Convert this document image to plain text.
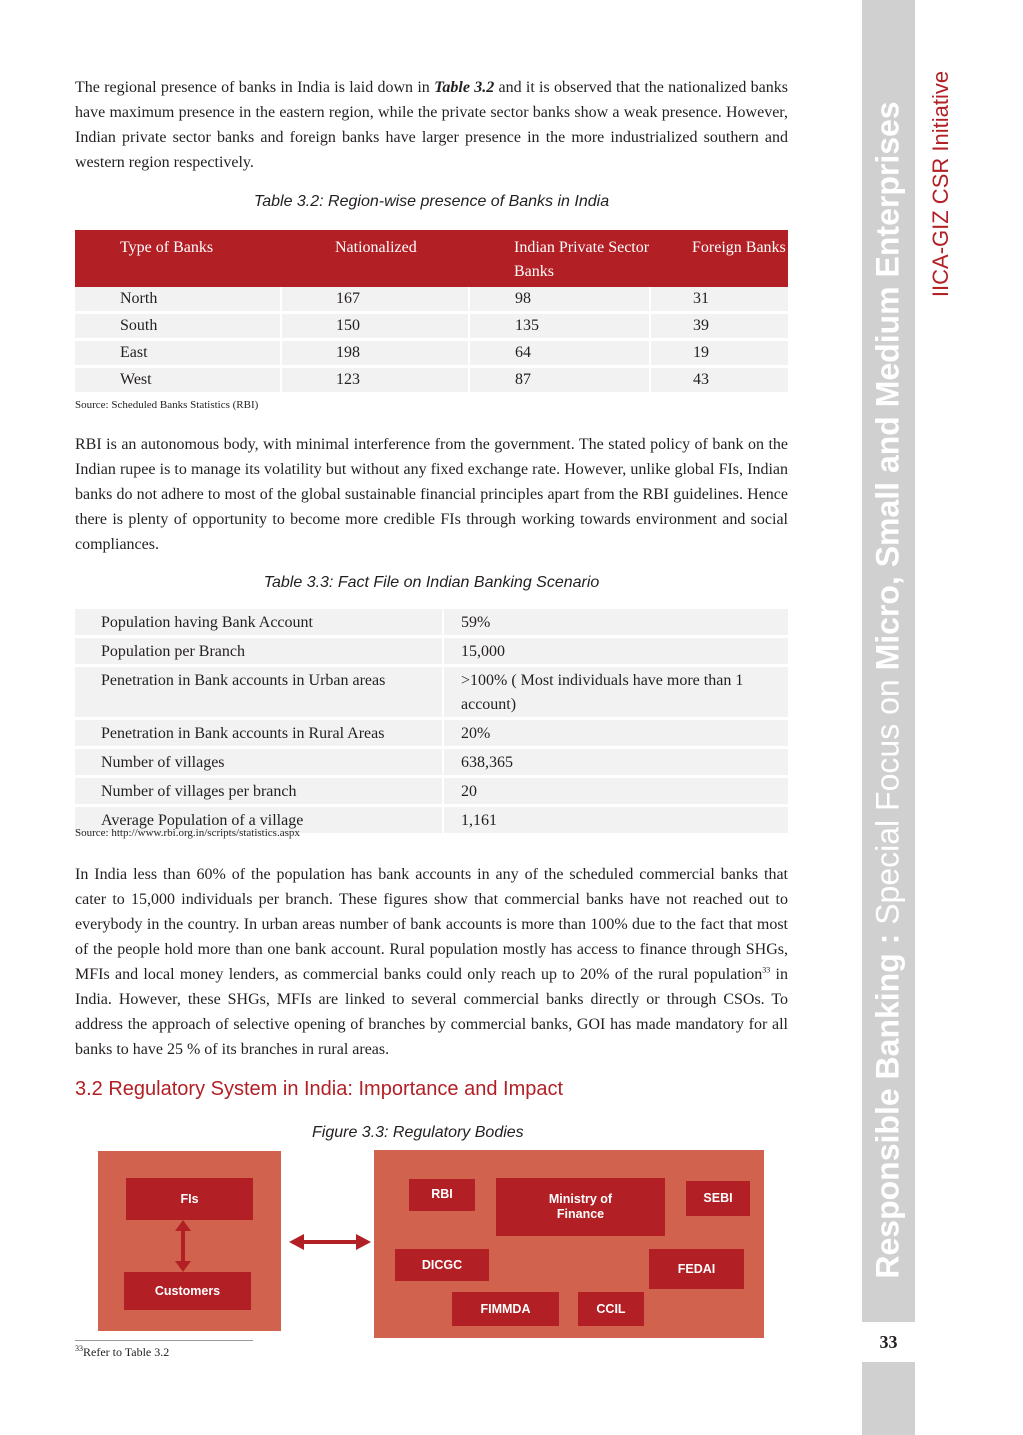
The regional presence of banks in India is laid down in Table 3.2 and it is observed that the nationalized banks have maximum presence in the eastern region, while the private sector banks show a weak presence. However, Indian private sector banks and foreign banks have larger presence in the more industrialized southern and western region respectively.

Table 3.2: Region-wise presence of Banks in India

Type of Banks	Nationalized	Indian Private Sector Banks	Foreign Banks
North	167	98	31
South	150	135	39
East	198	64	19
West	123	87	43

Source: Scheduled Banks Statistics (RBI)

RBI is an autonomous body, with minimal interference from the government. The stated policy of bank on the Indian rupee is to manage its volatility but without any fixed exchange rate. However, unlike global FIs, Indian banks do not adhere to most of the global sustainable financial principles apart from the RBI guidelines. Hence there is plenty of opportunity to become more credible FIs through working towards environment and social compliances.

Table 3.3: Fact File on Indian Banking Scenario

Population having Bank Account	59%
Population per Branch	15,000
Penetration in Bank accounts in Urban areas	>100% ( Most individuals have more than 1 account)
Penetration in Bank accounts in Rural Areas	20%
Number of villages	638,365
Number of villages per branch	20
Average Population of a village	1,161

Source: http://www.rbi.org.in/scripts/statistics.aspx

In India less than 60% of the population has bank accounts in any of the scheduled commercial banks that cater to 15,000 individuals per branch. These figures show that commercial banks have not reached out to everybody in the country. In urban areas number of bank accounts is more than 100% due to the fact that most of the people hold more than one bank account. Rural population mostly has access to finance through SHGs, MFIs and local money lenders, as commercial banks could only reach up to 20% of the rural population$^{33}$ in India. However, these SHGs, MFIs are linked to several commercial banks directly or through CSOs. To address the approach of selective opening of branches by commercial banks, GOI has made mandatory for all banks to have 25 % of its branches in rural areas.

3.2 Regulatory System in India: Importance and Impact

Figure 3.3: Regulatory Bodies

FIs
Customers
RBI	Ministry of Finance
SEBI
DICGC	FEDAI
FIMMDA	CCIL

$^{33}$Refer to Table 3.2

Responsible Banking : Special Focus on Micro, Small and Medium Enterprises IICA-GIZ CSR Initiative
33
